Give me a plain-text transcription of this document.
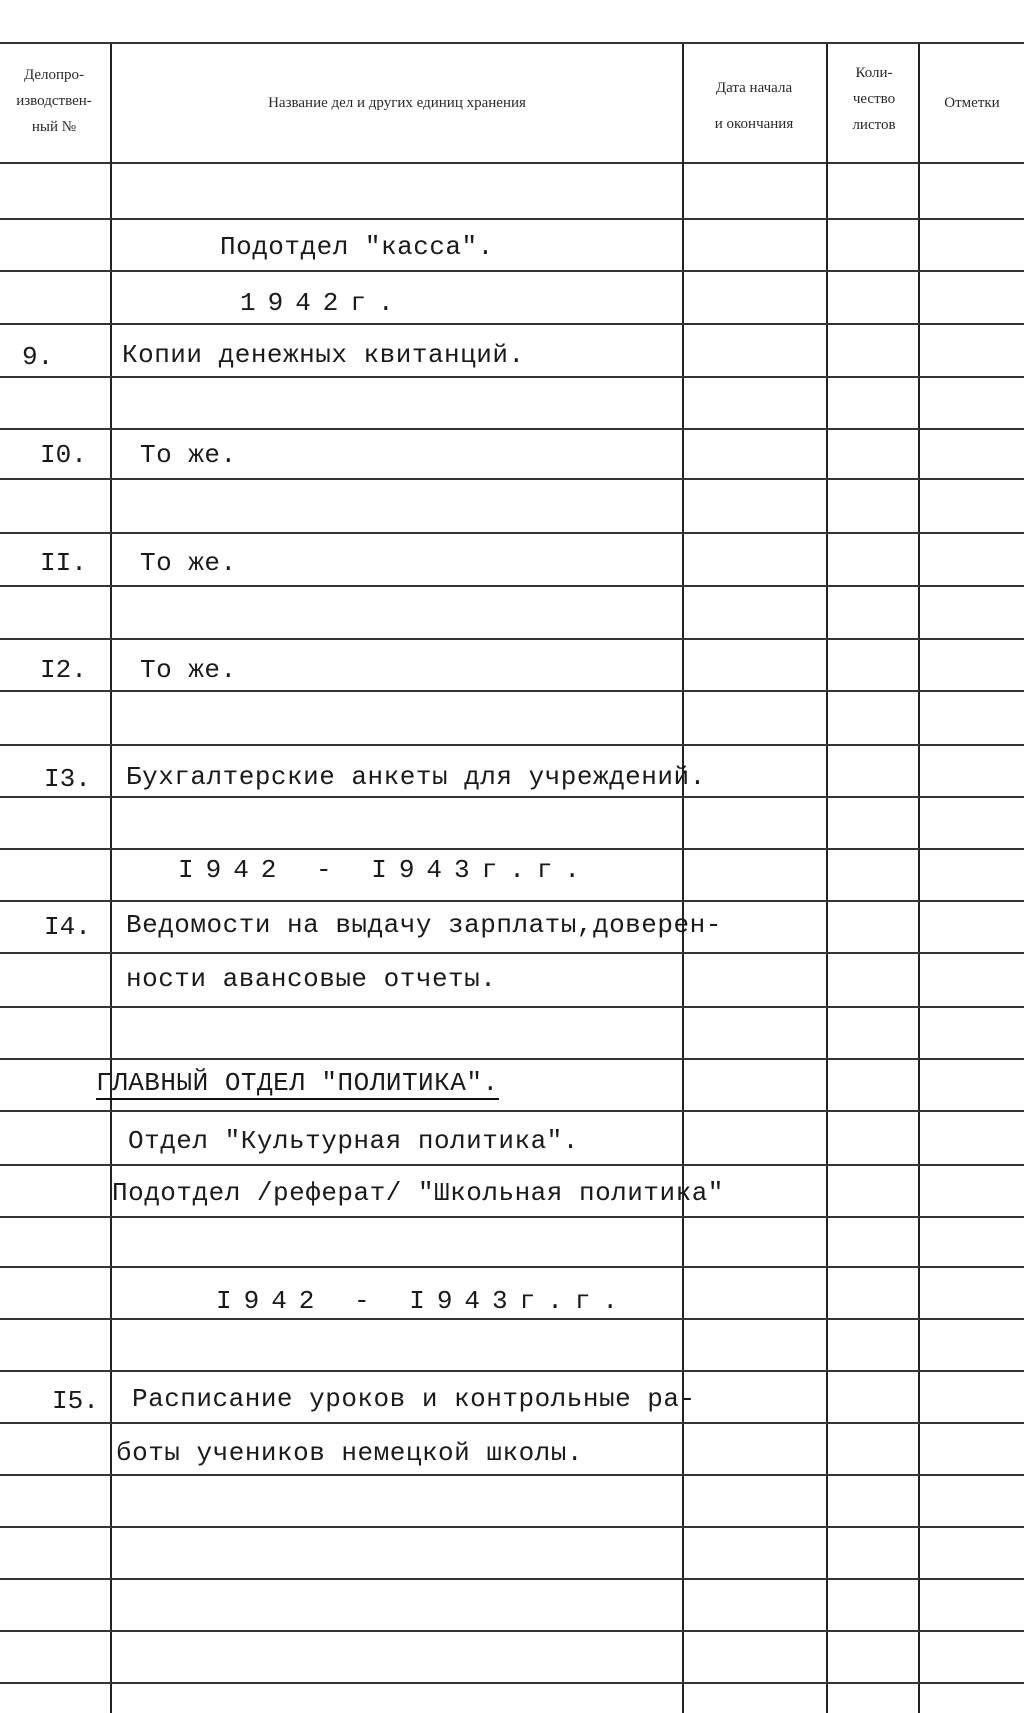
Делопро-
изводствен-
ный №
Название дел и других единиц хранения
Дата начала
и окончания
Коли-
чество
листов
Отметки
Подотдел "касса".
1942г.
9.	Копии денежных квитанций.
I0. То же.
II. То же.
I2. То же.
I3. Бухгалтерские анкеты для учреждений.
I942 - I943г.г.
I4. Ведомости на выдачу зарплаты,доверен-
ности авансовые отчеты.
ГЛАВНЫЙ ОТДЕЛ "ПОЛИТИКА".
Отдел "Культурная политика".
Подотдел /реферат/ "Школьная политика"
I942 - I943г.г.
I5. Расписание уроков и контрольные ра-
боты учеников немецкой школы.
